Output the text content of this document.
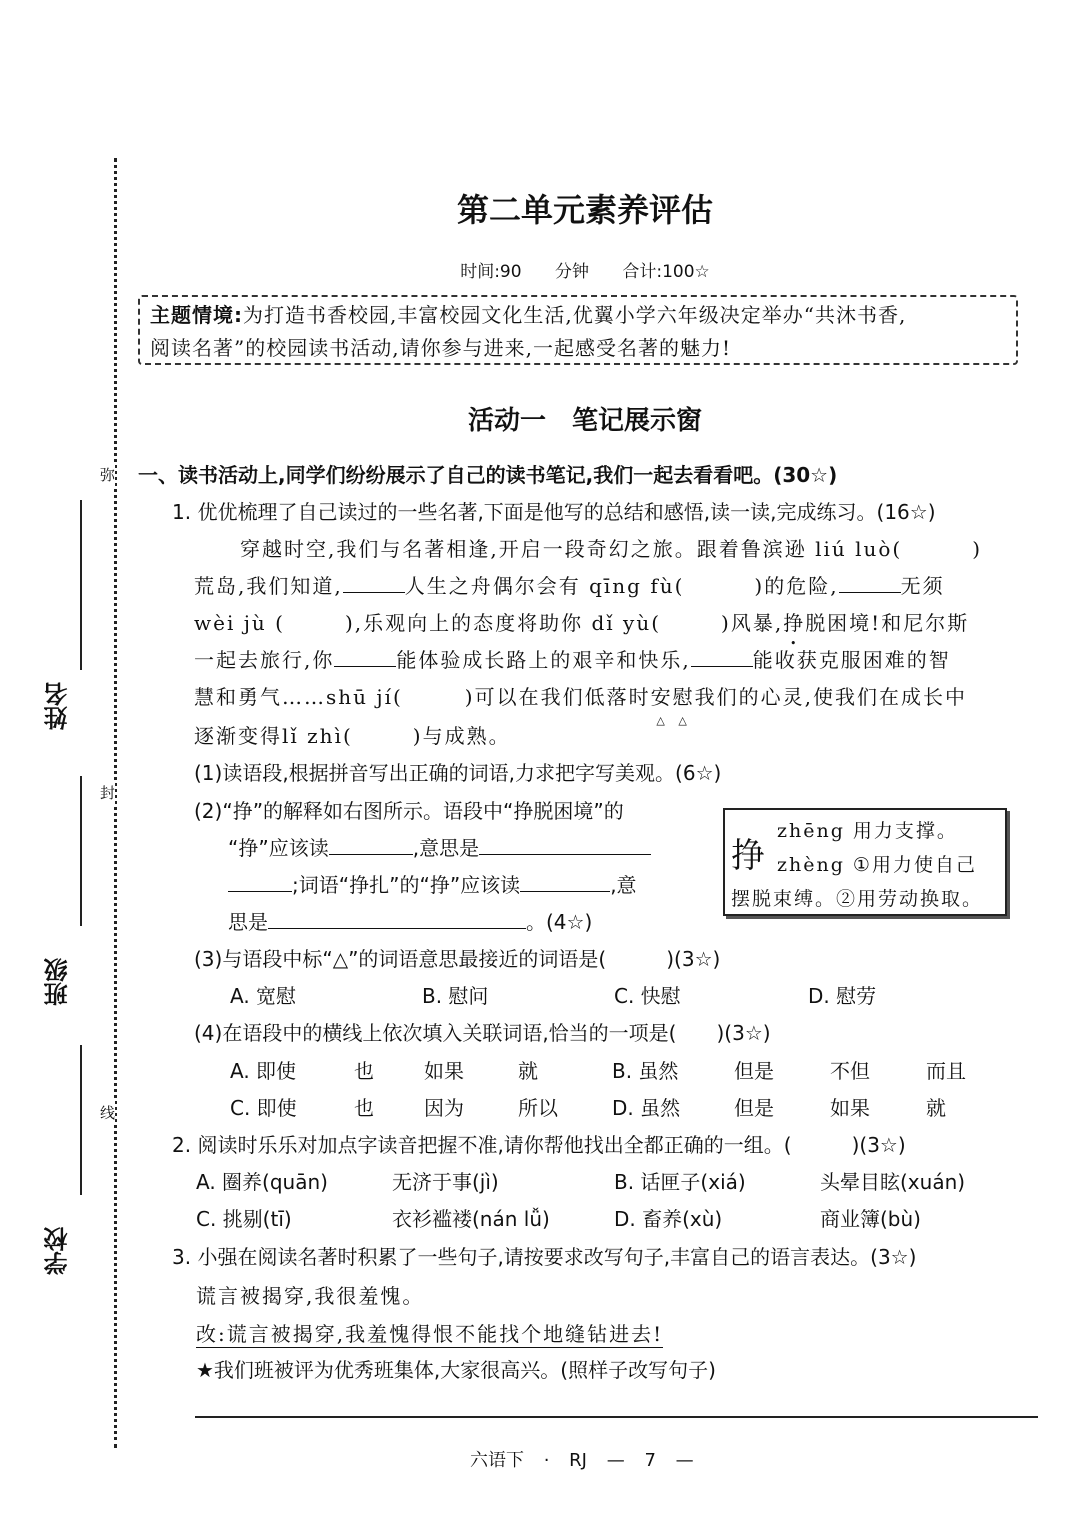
弥
封
线
姓名
班级
学校
第二单元素养评估
时间:90 分钟 合计:100☆
主题情境:为打造书香校园,丰富校园文化生活,优翼小学六年级决定举办“共沐书香,
阅读名著”的校园读书活动,请你参与进来,一起感受名著的魅力!
活动一　笔记展示窗
一、读书活动上,同学们纷纷展示了自己的读书笔记,我们一起去看看吧。(30☆)
1. 优优梳理了自己读过的一些名著,下面是他写的总结和感悟,读一读,完成练习。(16☆)
穿越时空,我们与名著相逢,开启一段奇幻之旅。跟着鲁滨逊 liú luò(	)
荒岛,我们知道,	人生之舟偶尔会有 qīng fù(	)的危险,	无须
wèi jù (	),乐观向上的态度将助你 dǐ yù(	)风暴,挣脱困境!和尼尔斯
一起去旅行,你	能体验成长路上的艰辛和快乐,	能收获克服困难的智
慧和勇气……shū jí(	)可以在我们低落时安 △慰 △我们的心灵,使我们在成长中
逐渐变得lǐ zhì(	)与成熟。
(1)读语段,根据拼音写出正确的词语,力求把字写美观。(6☆)
(2)“挣”的解释如右图所示。语段中“挣脱困境”的
“挣”应该读	,意思是
;词语“挣扎”的“挣”应该读	,意
思是	。(4☆)
挣
zhēng 用力支撑。
zhèng ①用力使自己
摆脱束缚。②用劳动换取。
(3)与语段中标“△”的词语意思最接近的词语是(　　　)(3☆)
A. 宽慰	B. 慰问	C. 快慰	D. 慰劳
(4)在语段中的横线上依次填入关联词语,恰当的一项是(　　)(3☆)
A. 即使	也	如果	就	B. 虽然	但是	不但	而且
C. 即使	也	因为	所以	D. 虽然	但是	如果	就
2. 阅读时乐乐对加点字读音把握不准,请你帮他找出全都正确的一组。(　　　)(3☆)
A. 圈养(quān)	无济于事(jì)	B. 话匣子(xiá)	头晕目眩(xuán)
C. 挑剔(tī)	衣衫褴褛(nán lǚ)	D. 畜养(xù)	商业簿(bù)
3. 小强在阅读名著时积累了一些句子,请按要求改写句子,丰富自己的语言表达。(3☆)
谎言被揭穿,我很羞愧。
改:谎言被揭穿,我羞愧得恨不能找个地缝钻进去!
★我们班被评为优秀班集体,大家很高兴。(照样子改写句子)
六语下 · RJ — 7 —
